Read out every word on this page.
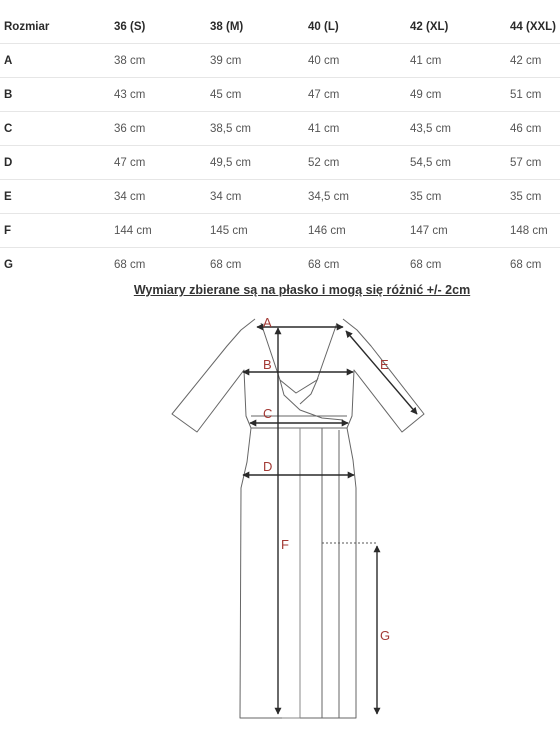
Rozmiar	36 (S)	38 (M)	40 (L)	42 (XL)	44 (XXL)
A	38 cm	39 cm	40 cm	41 cm	42 cm
B	43 cm	45 cm	47 cm	49 cm	51 cm
C	36 cm	38,5 cm	41 cm	43,5 cm	46 cm
D	47 cm	49,5 cm	52 cm	54,5 cm	57 cm
E	34 cm	34 cm	34,5 cm	35 cm	35 cm
F	144 cm	145 cm	146 cm	147 cm	148 cm
G	68 cm	68 cm	68 cm	68 cm	68 cm
Wymiary zbierane są na płasko i mogą się różnić +/- 2cm
A
B
C
D
E
F
G
